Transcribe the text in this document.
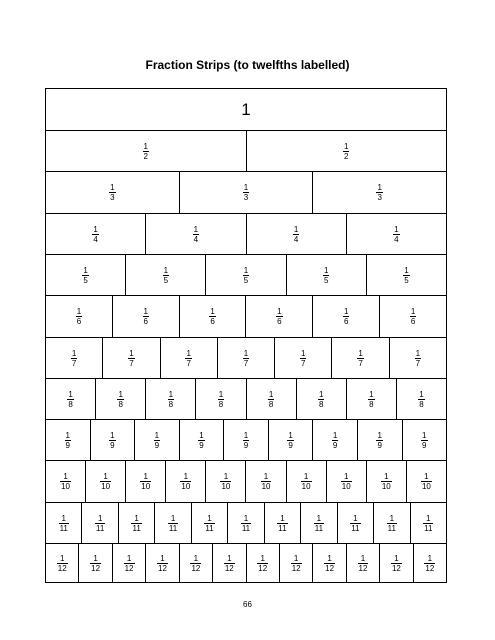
Fraction Strips (to twelfths labelled)
1
$\frac{1}{2}$	$\frac{1}{2}$
$\frac{1}{3}$	$\frac{1}{3}$	$\frac{1}{3}$
$\frac{1}{4}$	$\frac{1}{4}$	$\frac{1}{4}$	$\frac{1}{4}$
$\frac{1}{5}$	$\frac{1}{5}$	$\frac{1}{5}$	$\frac{1}{5}$	$\frac{1}{5}$
$\frac{1}{6}$	$\frac{1}{6}$	$\frac{1}{6}$	$\frac{1}{6}$	$\frac{1}{6}$	$\frac{1}{6}$
$\frac{1}{7}$	$\frac{1}{7}$	$\frac{1}{7}$	$\frac{1}{7}$	$\frac{1}{7}$	$\frac{1}{7}$	$\frac{1}{7}$
$\frac{1}{8}$	$\frac{1}{8}$	$\frac{1}{8}$	$\frac{1}{8}$	$\frac{1}{8}$	$\frac{1}{8}$	$\frac{1}{8}$	$\frac{1}{8}$
$\frac{1}{9}$	$\frac{1}{9}$	$\frac{1}{9}$	$\frac{1}{9}$	$\frac{1}{9}$	$\frac{1}{9}$	$\frac{1}{9}$	$\frac{1}{9}$	$\frac{1}{9}$
$\frac{1}{10}$	$\frac{1}{10}$	$\frac{1}{10}$	$\frac{1}{10}$	$\frac{1}{10}$	$\frac{1}{10}$	$\frac{1}{10}$	$\frac{1}{10}$	$\frac{1}{10}$	$\frac{1}{10}$
$\frac{1}{11}$	$\frac{1}{11}$	$\frac{1}{11}$	$\frac{1}{11}$	$\frac{1}{11}$	$\frac{1}{11}$	$\frac{1}{11}$	$\frac{1}{11}$	$\frac{1}{11}$	$\frac{1}{11}$	$\frac{1}{11}$
$\frac{1}{12}$	$\frac{1}{12}$	$\frac{1}{12}$	$\frac{1}{12}$	$\frac{1}{12}$	$\frac{1}{12}$	$\frac{1}{12}$	$\frac{1}{12}$	$\frac{1}{12}$	$\frac{1}{12}$	$\frac{1}{12}$	$\frac{1}{12}$
66
